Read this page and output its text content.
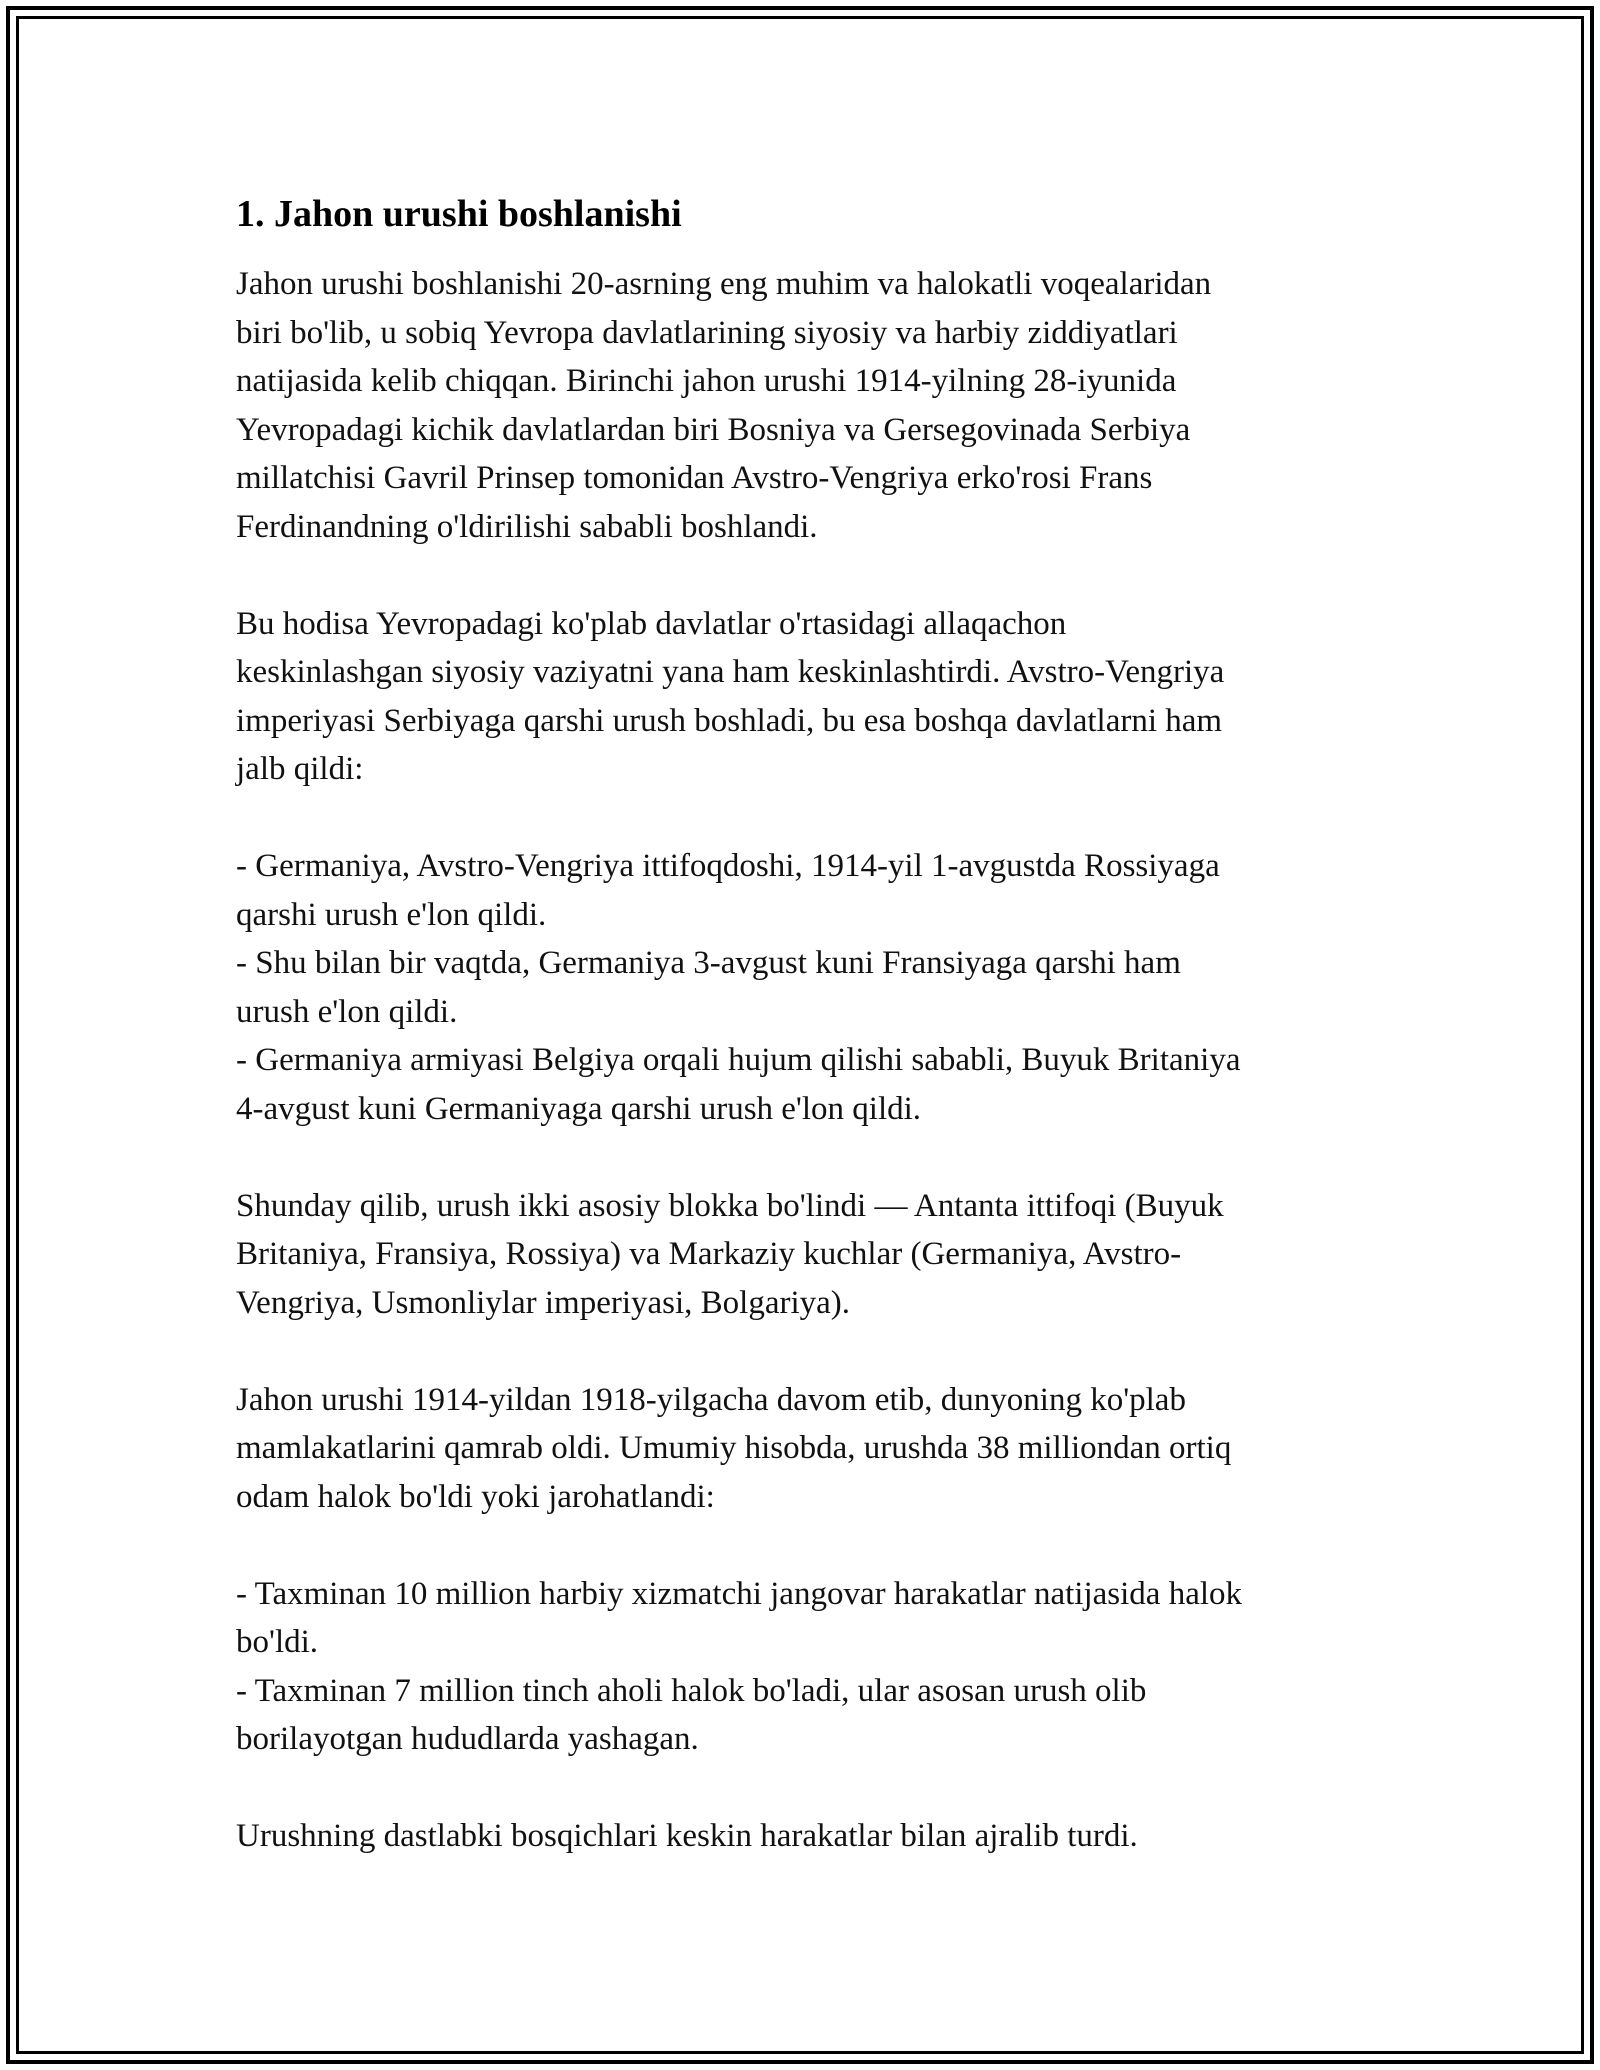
1. Jahon urushi boshlanishi
Jahon urushi boshlanishi 20-asrning eng muhim va halokatli voqealaridan
biri bo'lib, u sobiq Yevropa davlatlarining siyosiy va harbiy ziddiyatlari
natijasida kelib chiqqan. Birinchi jahon urushi 1914-yilning 28-iyunida
Yevropadagi kichik davlatlardan biri Bosniya va Gersegovinada Serbiya
millatchisi Gavril Prinsep tomonidan Avstro-Vengriya erko'rosi Frans
Ferdinandning o'ldirilishi sababli boshlandi.
Bu hodisa Yevropadagi ko'plab davlatlar o'rtasidagi allaqachon
keskinlashgan siyosiy vaziyatni yana ham keskinlashtirdi. Avstro-Vengriya
imperiyasi Serbiyaga qarshi urush boshladi, bu esa boshqa davlatlarni ham
jalb qildi:
- Germaniya, Avstro-Vengriya ittifoqdoshi, 1914-yil 1-avgustda Rossiyaga
qarshi urush e'lon qildi.
- Shu bilan bir vaqtda, Germaniya 3-avgust kuni Fransiyaga qarshi ham
urush e'lon qildi.
- Germaniya armiyasi Belgiya orqali hujum qilishi sababli, Buyuk Britaniya
4-avgust kuni Germaniyaga qarshi urush e'lon qildi.
Shunday qilib, urush ikki asosiy blokka bo'lindi — Antanta ittifoqi (Buyuk
Britaniya, Fransiya, Rossiya) va Markaziy kuchlar (Germaniya, Avstro-
Vengriya, Usmonliylar imperiyasi, Bolgariya).
Jahon urushi 1914-yildan 1918-yilgacha davom etib, dunyoning ko'plab
mamlakatlarini qamrab oldi. Umumiy hisobda, urushda 38 milliondan ortiq
odam halok bo'ldi yoki jarohatlandi:
- Taxminan 10 million harbiy xizmatchi jangovar harakatlar natijasida halok
bo'ldi.
- Taxminan 7 million tinch aholi halok bo'ladi, ular asosan urush olib
borilayotgan hududlarda yashagan.
Urushning dastlabki bosqichlari keskin harakatlar bilan ajralib turdi.
